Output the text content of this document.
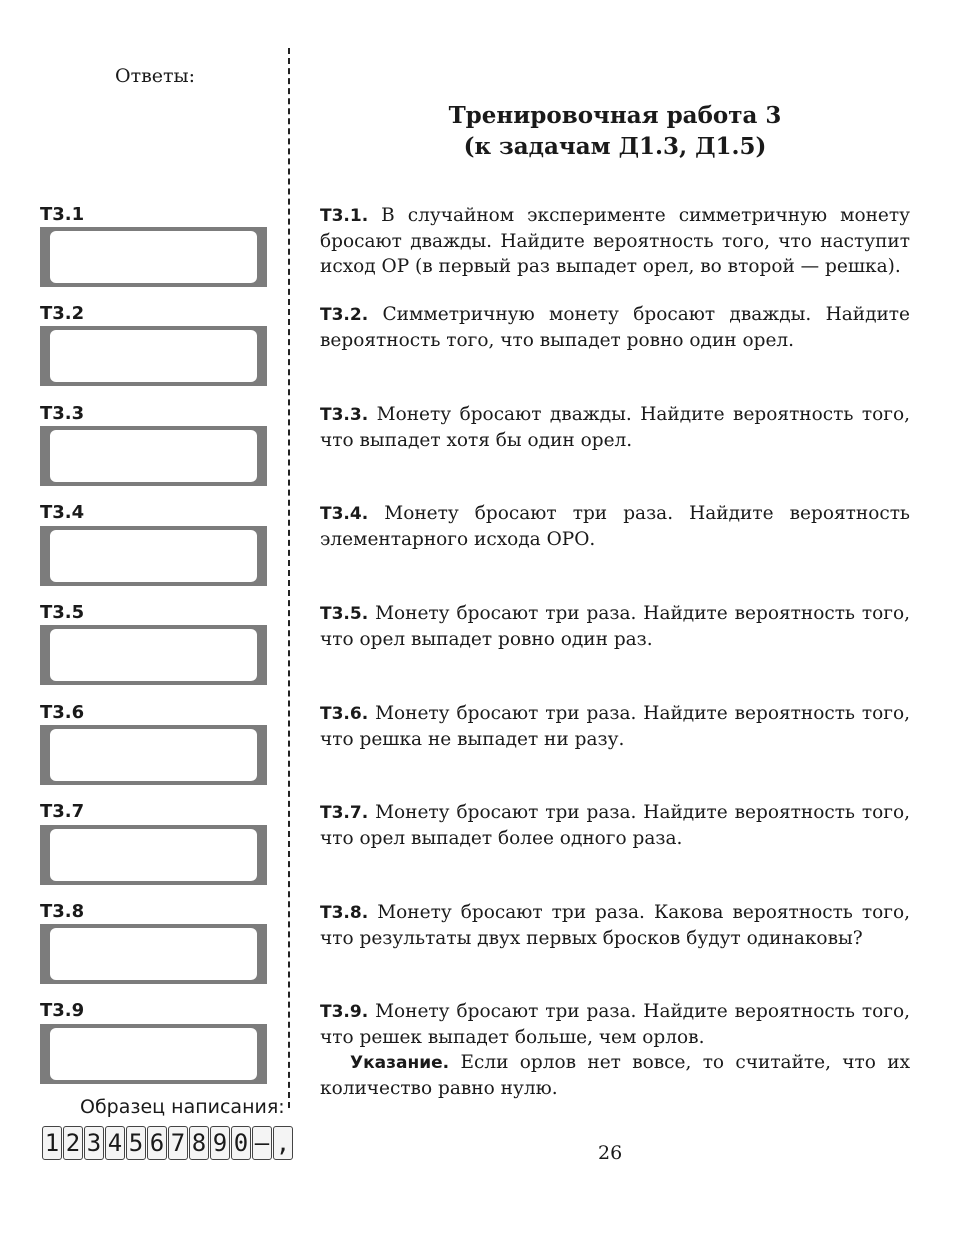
Ответы:
Тренировочная работа 3
(к задачам Д1.3, Д1.5)
Т3.1
Т3.2
Т3.3
Т3.4
Т3.5
Т3.6
Т3.7
Т3.8
Т3.9
Т3.1. В случайном эксперименте симметричную монету бросают дважды. Найдите вероятность того, что наступит исход ОР (в первый раз выпадет орел, во второй — решка).
Т3.2. Симметричную монету бросают дважды. Найдите вероятность того, что выпадет ровно один орел.
Т3.3. Монету бросают дважды. Найдите вероятность того, что выпадет хотя бы один орел.
Т3.4. Монету бросают три раза. Найдите вероятность элементарного исхода ОРО.
Т3.5. Монету бросают три раза. Найдите вероятность того, что орел выпадет ровно один раз.
Т3.6. Монету бросают три раза. Найдите вероятность того, что решка не выпадет ни разу.
Т3.7. Монету бросают три раза. Найдите вероятность того, что орел выпадет более одного раза.
Т3.8. Монету бросают три раза. Какова вероятность того, что результаты двух первых бросков будут одинаковы?
Т3.9. Монету бросают три раза. Найдите вероятность того, что решек выпадет больше, чем орлов.
Указание. Если орлов нет вовсе, то считайте, что их количество равно нулю.
Образец написания:
1 2 3 4 5 6 7 8 9 0 – ,	26
